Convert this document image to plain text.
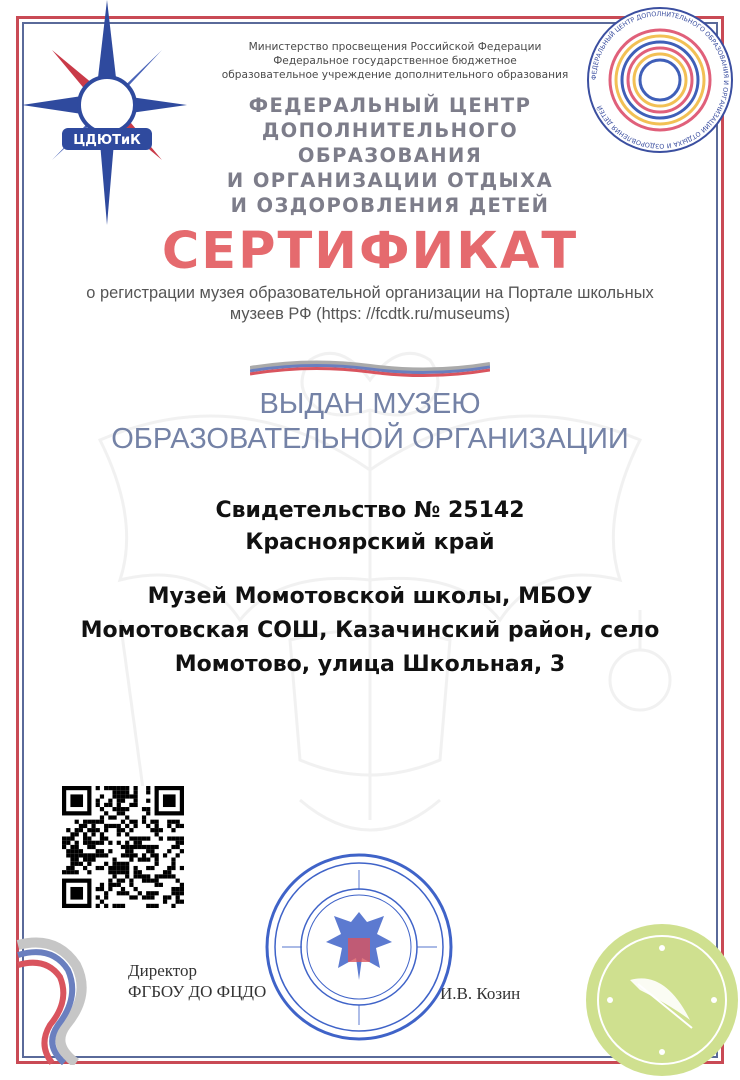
ЦДЮТиК
ФЕДЕРАЛЬНЫЙ ЦЕНТР ДОПОЛНИТЕЛЬНОГО ОБРАЗОВАНИЯ И ОРГАНИЗАЦИИ ОТДЫХА И ОЗДОРОВЛЕНИЯ ДЕТЕЙ
Министерство просвещения Российской Федерации
Федеральное государственное бюджетное
образовательное учреждение дополнительного образования
ФЕДЕРАЛЬНЫЙ ЦЕНТР
ДОПОЛНИТЕЛЬНОГО ОБРАЗОВАНИЯ
И ОРГАНИЗАЦИИ ОТДЫХА
И ОЗДОРОВЛЕНИЯ ДЕТЕЙ
СЕРТИФИКАТ
о регистрации музея образовательной организации на Портале школьных
музеев РФ (https: //fcdtk.ru/museums)
ВЫДАН МУЗЕЮ
ОБРАЗОВАТЕЛЬНОЙ ОРГАНИЗАЦИИ
Свидетельство № 25142
Красноярский край
Музей Момотовской школы, МБОУ
Момотовская СОШ, Казачинский район, село
Момотово, улица Школьная, 3
Директор
ФГБОУ ДО ФЦДО	И.В. Козин
